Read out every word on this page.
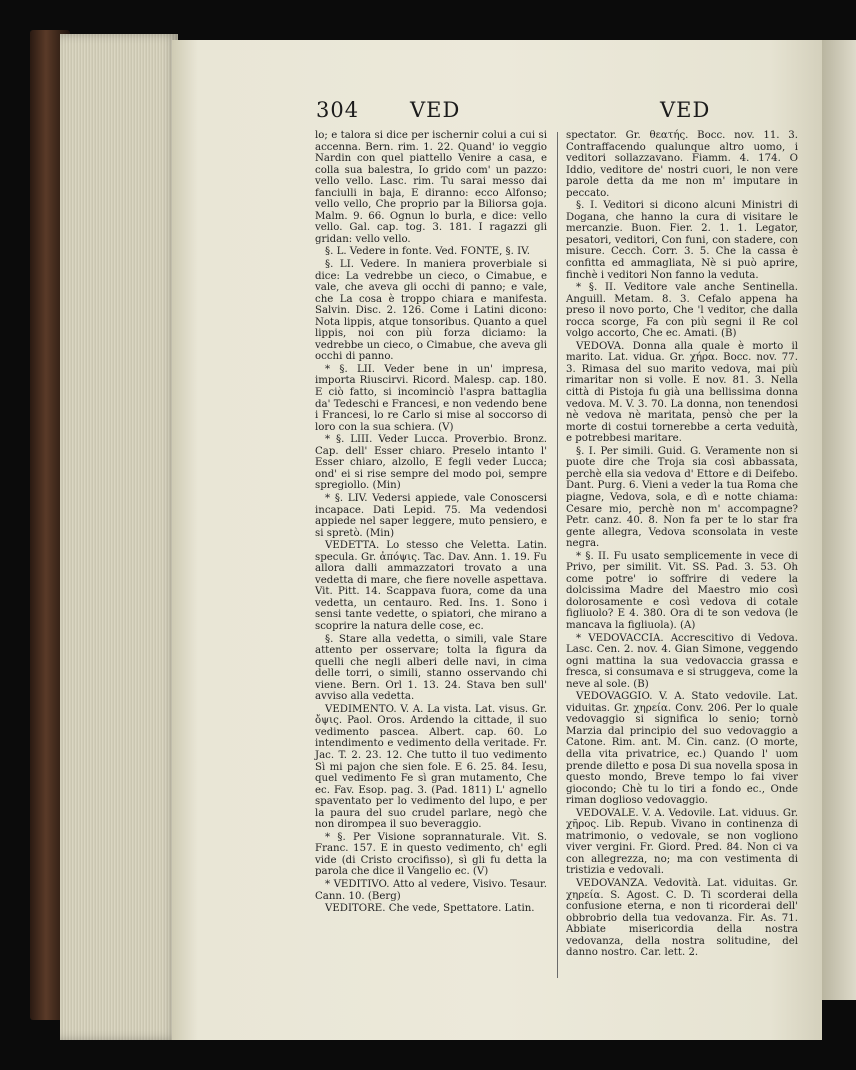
304 VED	VED

lo; e talora si dice per ischernir colui a cui si accenna. Bern. rim. 1. 22. Quand' io veggio Nardin con quel piattello Venire a casa, e colla sua balestra, Io grido com' un pazzo: vello vello. Lasc. rim. Tu sarai messo dai fanciulli in baja, E diranno: ecco Alfonso; vello vello, Che proprio par la Biliorsa goja. Malm. 9. 66. Ognun lo burla, e dice: vello vello. Gal. cap. tog. 3. 181. I ragazzi gli gridan: vello vello.

§. L. Vedere in fonte. Ved. FONTE, §. IV.

§. LI. Vedere. In maniera proverbiale si dice: La vedrebbe un cieco, o Cimabue, e vale, che aveva gli occhi di panno; e vale, che La cosa è troppo chiara e manifesta. Salvin. Disc. 2. 126. Come i Latini dicono: Nota lippis, atque tonsoribus. Quanto a quel lippis, noi con più forza diciamo: la vedrebbe un cieco, o Cimabue, che aveva gli occhi di panno.

* §. LII. Veder bene in un' impresa, importa Riuscirvi. Ricord. Malesp. cap. 180. E ciò fatto, si incominciò l'aspra battaglia da' Tedeschi e Francesi, e non vedendo bene i Francesi, lo re Carlo si mise al soccorso di loro con la sua schiera. (V)

* §. LIII. Veder Lucca. Proverbio. Bronz. Cap. dell' Esser chiaro. Preselo intanto l' Esser chiaro, alzollo, E fegli veder Lucca; ond' ei si rise sempre del modo poi, sempre spregiollo. (Min)

* §. LIV. Vedersi appiede, vale Conoscersi incapace. Dati Lepid. 75. Ma vedendosi appiede nel saper leggere, muto pensiero, e si spretò. (Min)

VEDETTA. Lo stesso che Veletta. Latin. specula. Gr. ἀπόψις. Tac. Dav. Ann. 1. 19. Fu allora dalli ammazzatori trovato a una vedetta di mare, che fiere novelle aspettava. Vit. Pitt. 14. Scappava fuora, come da una vedetta, un centauro. Red. Ins. 1. Sono i sensi tante vedette, o spiatori, che mirano a scoprire la natura delle cose, ec.

§. Stare alla vedetta, o simili, vale Stare attento per osservare; tolta la figura da quelli che negli alberi delle navi, in cima delle torri, o simili, stanno osservando chi viene. Bern. Orl 1. 13. 24. Stava ben sull' avviso alla vedetta.

VEDIMENTO. V. A. La vista. Lat. visus. Gr. ὄψις. Paol. Oros. Ardendo la cittade, il suo vedimento pascea. Albert. cap. 60. Lo intendimento e vedimento della veritade. Fr. Jac. T. 2. 23. 12. Che tutto il tuo vedimento Sì mi pajon che sien fole. E 6. 25. 84. Iesu, quel vedimento Fe sì gran mutamento, Che ec. Fav. Esop. pag. 3. (Pad. 1811) L' agnello spaventato per lo vedimento del lupo, e per la paura del suo crudel parlare, negò che non dirompea il suo beveraggio.

* §. Per Visione soprannaturale. Vit. S. Franc. 157. E in questo vedimento, ch' egli vide (di Cristo crocifisso), sì gli fu detta la parola che dice il Vangelio ec. (V)

* VEDITIVO. Atto al vedere, Visivo. Tesaur. Cann. 10. (Berg)

VEDITORE. Che vede, Spettatore. Latin.

spectator. Gr. θεατής. Bocc. nov. 11. 3. Contraffacendo qualunque altro uomo, i veditori sollazzavano. Fiamm. 4. 174. O Iddio, veditore de' nostri cuori, le non vere parole detta da me non m' imputare in peccato.

§. I. Veditori si dicono alcuni Ministri di Dogana, che hanno la cura di visitare le mercanzie. Buon. Fier. 2. 1. 1. Legator, pesatori, veditori, Con funi, con stadere, con misure. Cecch. Corr. 3. 5. Che la cassa è confitta ed ammagliata, Nè si può aprire, finchè i veditori Non fanno la veduta.

* §. II. Veditore vale anche Sentinella. Anguill. Metam. 8. 3. Cefalo appena ha preso il novo porto, Che 'l veditor, che dalla rocca scorge, Fa con più segni il Re col volgo accorto, Che ec. Amati. (B)

VEDOVA. Donna alla quale è morto il marito. Lat. vidua. Gr. χήρα. Bocc. nov. 77. 3. Rimasa del suo marito vedova, mai più rimaritar non si volle. E nov. 81. 3. Nella città di Pistoja fu già una bellissima donna vedova. M. V. 3. 70. La donna, non tenendosi nè vedova nè maritata, pensò che per la morte di costui tornerebbe a certa veduità, e potrebbesi maritare.

§. I. Per simili. Guid. G. Veramente non si puote dire che Troja sia così abbassata, perchè ella sia vedova d' Ettore e di Deifebo. Dant. Purg. 6. Vieni a veder la tua Roma che piagne, Vedova, sola, e dì e notte chiama: Cesare mio, perchè non m' accompagne? Petr. canz. 40. 8. Non fa per te lo star fra gente allegra, Vedova sconsolata in veste negra.

* §. II. Fu usato semplicemente in vece di Privo, per similit. Vit. SS. Pad. 3. 53. Oh come potre' io soffrire di vedere la dolcissima Madre del Maestro mio così dolorosamente e così vedova di cotale figliuolo? E 4. 380. Ora di te son vedova (le mancava la figliuola). (A)

* VEDOVACCIA. Accrescitivo di Vedova. Lasc. Cen. 2. nov. 4. Gian Simone, veggendo ogni mattina la sua vedovaccia grassa e fresca, si consumava e si struggeva, come la neve al sole. (B)

VEDOVAGGIO. V. A. Stato vedovile. Lat. viduitas. Gr. χηρεία. Conv. 206. Per lo quale vedovaggio si significa lo senio; tornò Marzia dal principio del suo vedovaggio a Catone. Rim. ant. M. Cin. canz. (O morte, della vita privatrice, ec.) Quando l' uom prende diletto e posa Di sua novella sposa in questo mondo, Breve tempo lo fai viver giocondo; Chè tu lo tiri a fondo ec., Onde riman doglioso vedovaggio.

VEDOVALE. V. A. Vedovile. Lat. viduus. Gr. χῆρος. Lib. Repub. Vivano in continenza di matrimonio, o vedovale, se non vogliono viver vergini. Fr. Giord. Pred. 84. Non ci va con allegrezza, no; ma con vestimenta di tristizia e vedovali.

VEDOVANZA. Vedovità. Lat. viduitas. Gr. χηρεία. S. Agost. C. D. Ti scorderai della confusione eterna, e non ti ricorderai dell' obbrobrio della tua vedovanza. Fir. As. 71. Abbiate misericordia della nostra vedovanza, della nostra solitudine, del danno nostro. Car. lett. 2.
